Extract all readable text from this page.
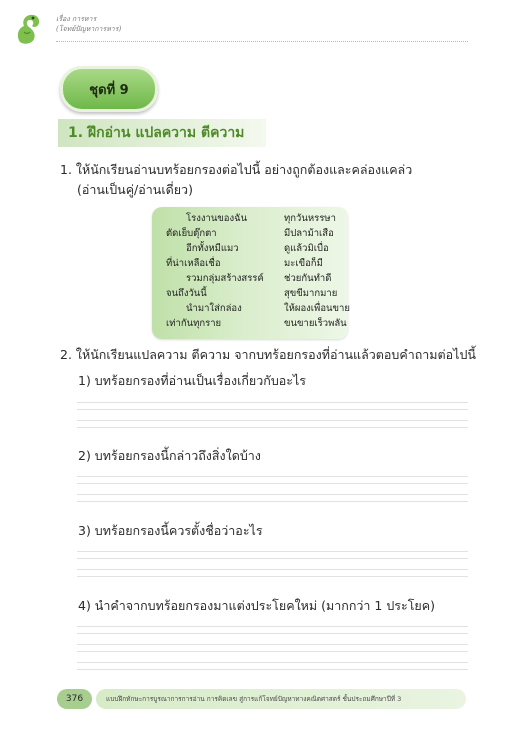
เรื่อง การหาร
(โจทย์ปัญหาการหาร)
ชุดที่ 9
1. ฝึกอ่าน แปลความ ตีความ
1. ให้นักเรียนอ่านบทร้อยกรองต่อไปนี้ อย่างถูกต้องและคล่องแคล่ว
(อ่านเป็นคู่/อ่านเดี่ยว)
โรงงานของฉัน
ตัดเย็บตุ๊กตา
อีกทั้งหมีแมว
ที่น่าเหลือเชื่อ
รวมกลุ่มสร้างสรรค์
จนถึงวันนี้
นำมาใส่กล่อง
เท่ากันทุกราย
ทุกวันหรรษา
มีปลาม้าเสือ
ดูแล้วมิเบื่อ
มะเขือก็มี
ช่วยกันทำดี
สุขขีมากมาย
ให้ผองเพื่อนขาย
ขนขายเร็วพลัน
2. ให้นักเรียนแปลความ ตีความ จากบทร้อยกรองที่อ่านแล้วตอบคำถามต่อไปนี้
1) บทร้อยกรองที่อ่านเป็นเรื่องเกี่ยวกับอะไร
2) บทร้อยกรองนี้กล่าวถึงสิ่งใดบ้าง
3) บทร้อยกรองนี้ควรตั้งชื่อว่าอะไร
4) นำคำจากบทร้อยกรองมาแต่งประโยคใหม่ (มากกว่า 1 ประโยค)
376	แบบฝึกทักษะการบูรณาการการอ่าน การคิดเลข สู่การแก้โจทย์ปัญหาทางคณิตศาสตร์ ชั้นประถมศึกษาปีที่ 3
